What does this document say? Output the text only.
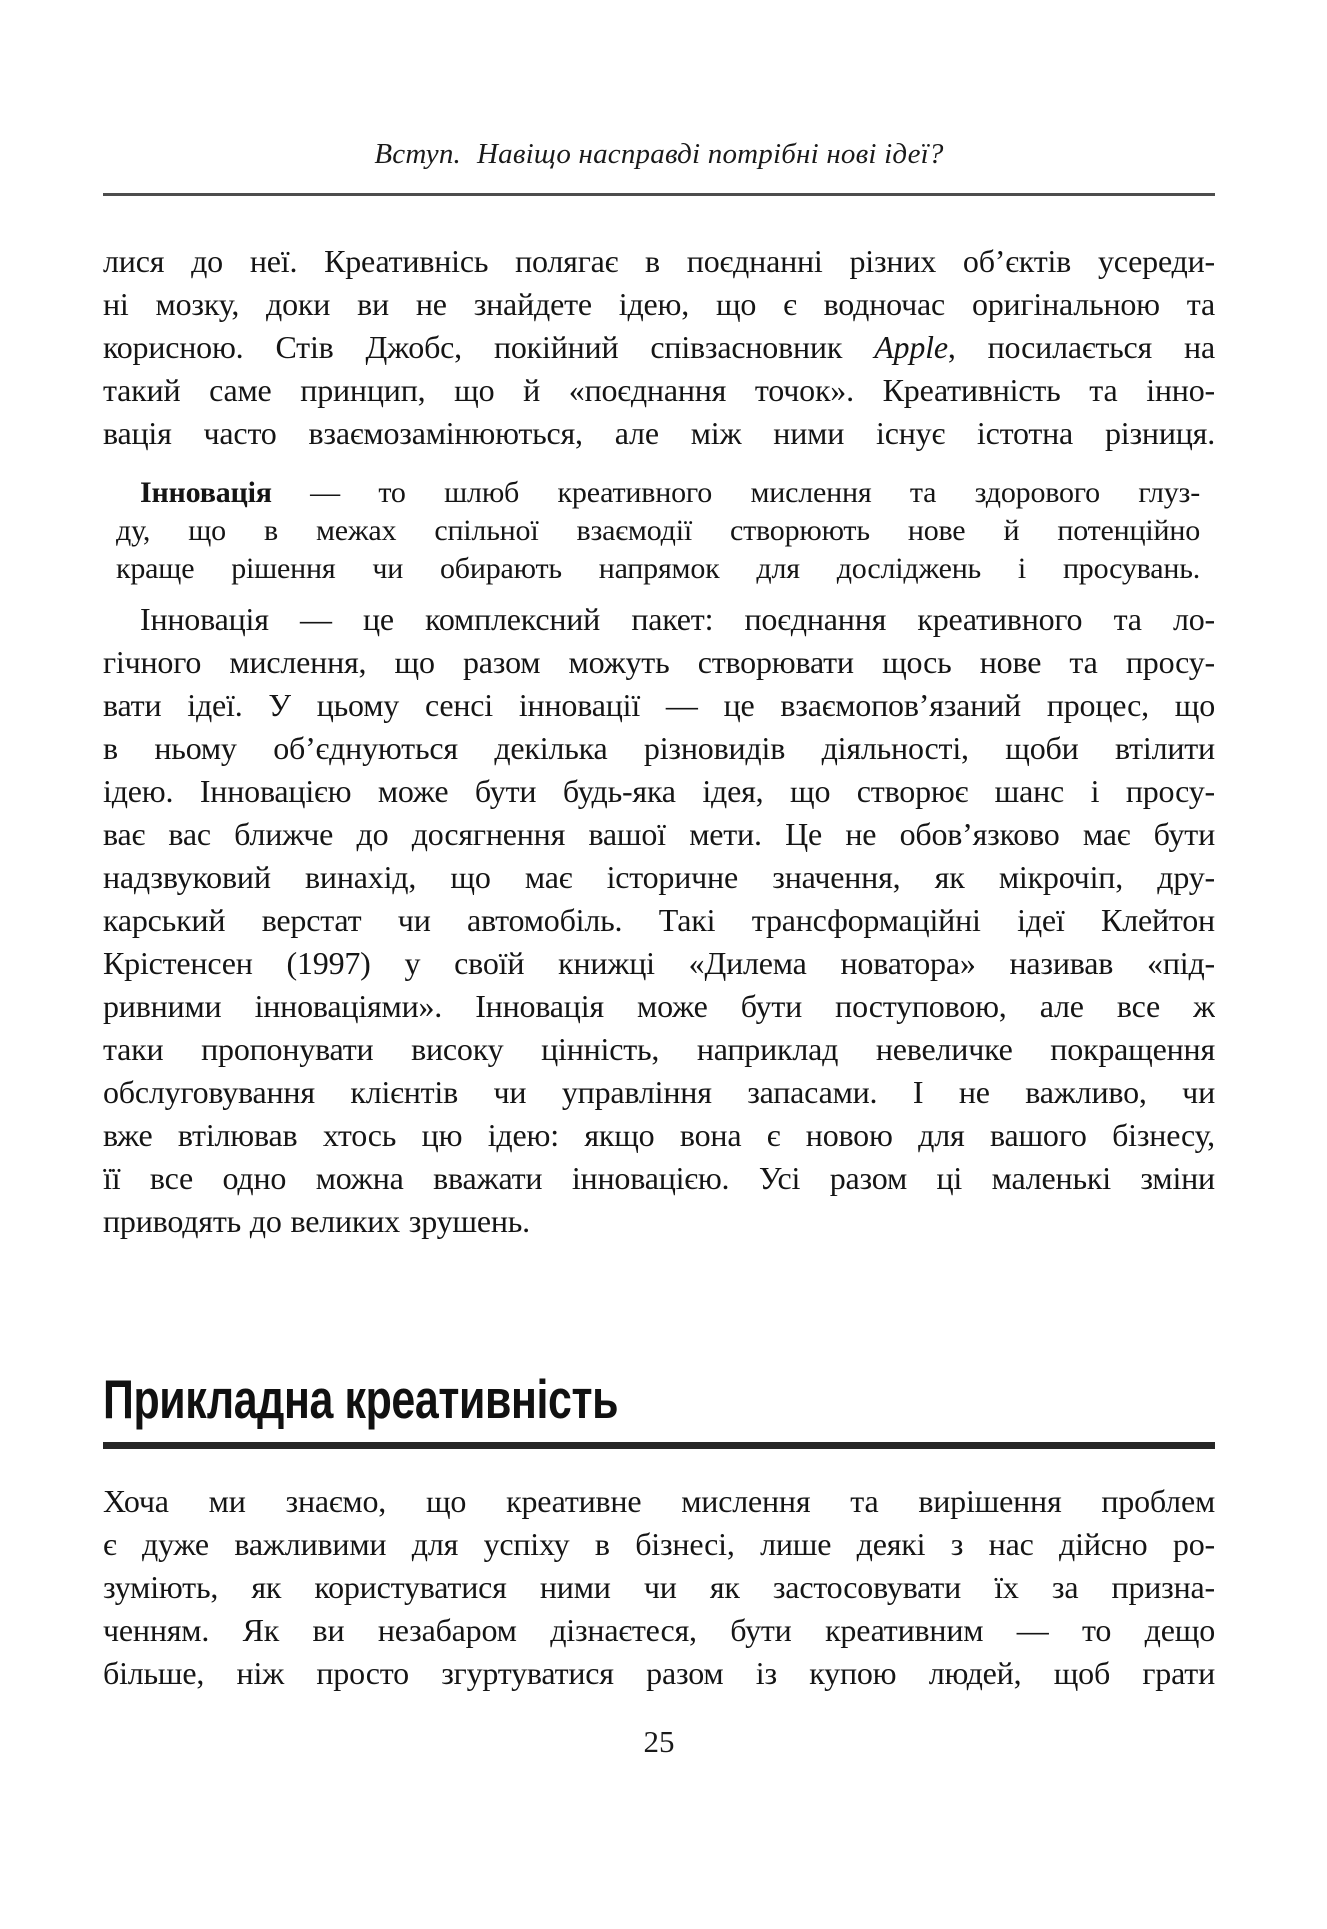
Вступ. Навіщо насправді потрібні нові ідеї?
лися до неї. Креативнісь полягає в поєднанні різних об’єктів усереди-
ні мозку, доки ви не знайдете ідею, що є водночас оригінальною та
корисною. Стів Джобс, покійний співзасновник Apple, посилається на
такий саме принцип, що й «поєднання точок». Креативність та інно-
вація часто взаємозамінюються, але між ними існує істотна різниця.
Інновація — то шлюб креативного мислення та здорового глуз-
ду, що в межах спільної взаємодії створюють нове й потенційно
краще рішення чи обирають напрямок для досліджень і просувань.
Інновація — це комплексний пакет: поєднання креативного та ло-
гічного мислення, що разом можуть створювати щось нове та просу-
вати ідеї. У цьому сенсі інновації — це взаємопов’язаний процес, що
в ньому об’єднуються декілька різновидів діяльності, щоби втілити
ідею. Інновацією може бути будь-яка ідея, що створює шанс і просу-
ває вас ближче до досягнення вашої мети. Це не обов’язково має бути
надзвуковий винахід, що має історичне значення, як мікрочіп, дру-
карський верстат чи автомобіль. Такі трансформаційні ідеї Клейтон
Крістенсен (1997) у своїй книжці «Дилема новатора» називав «під-
ривними інноваціями». Інновація може бути поступовою, але все ж
таки пропонувати високу цінність, наприклад невеличке покращення
обслуговування клієнтів чи управління запасами. І не важливо, чи
вже втілював хтось цю ідею: якщо вона є новою для вашого бізнесу,
її все одно можна вважати інновацією. Усі разом ці маленькі зміни
приводять до великих зрушень.
Прикладна креативність
Хоча ми знаємо, що креативне мислення та вирішення проблем
є дуже важливими для успіху в бізнесі, лише деякі з нас дійсно ро-
зуміють, як користуватися ними чи як застосовувати їх за призна-
ченням. Як ви незабаром дізнаєтеся, бути креативним — то дещо
більше, ніж просто згуртуватися разом із купою людей, щоб грати
25
